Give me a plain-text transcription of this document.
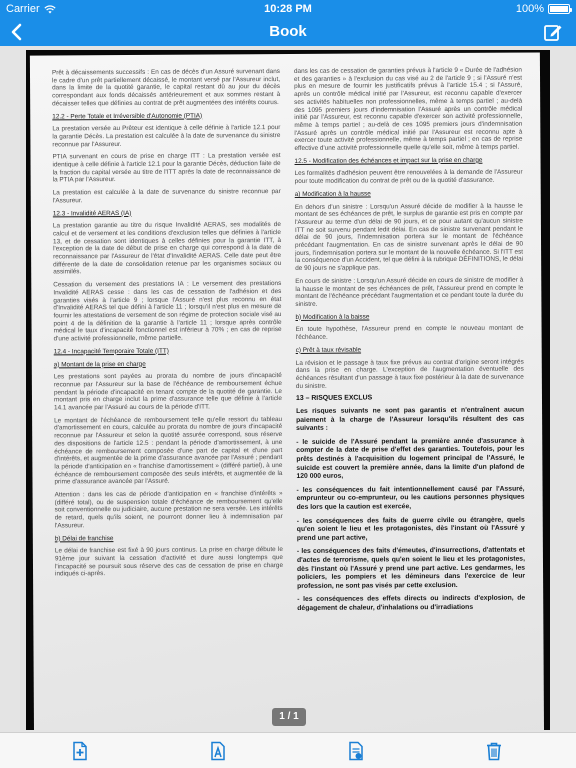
Carrier	10:28 PM	100%
Book

Prêt à décaissements successifs : En cas de décès d'un Assuré survenant dans le cadre d'un prêt partiellement décaissé, le montant versé par l'Assureur inclut, dans la limite de la quotité garantie, le capital restant dû au jour du décès correspondant aux fonds décaissés antérieurement et aux sommes restant à décaisser telles que définies au contrat de prêt augmentées des intérêts courus.

12.2 - Perte Totale et Irréversible d'Autonomie (PTIA)

La prestation versée au Prêteur est identique à celle définie à l'article 12.1 pour la garantie Décès. La prestation est calculée à la date de survenance du sinistre reconnue par l'Assureur.

PTIA survenant en cours de prise en charge ITT : La prestation versée est identique à celle définie à l'article 12.1 pour la garantie Décès, déduction faite de la fraction du capital versée au titre de l'ITT après la date de reconnaissance de la PTIA par l'Assureur.

La prestation est calculée à la date de survenance du sinistre reconnue par l'Assureur.

12.3 - Invalidité AERAS (IA)

La prestation garantie au titre du risque Invalidité AERAS, ses modalités de calcul et de versement et les conditions d'exclusion telles que définies à l'article 13, et de cessation sont identiques à celles définies pour la garantie ITT, à l'exception de la date de début de prise en charge qui correspond à la date de reconnaissance par l'Assureur de l'état d'Invalidité AERAS. Celle date peut être différente de la date de consolidation retenue par les organismes sociaux ou assimilés.

Cessation du versement des prestations IA : Le versement des prestations Invalidité AERAS cesse : dans les cas de cessation de l'adhésion et des garanties visés à l'article 9 ; lorsque l'Assuré n'est plus reconnu en état d'Invalidité AERAS tel que défini à l'article 11 ; lorsqu'il n'est plus en mesure de fournir les attestations de versement de son régime de protection sociale visé au point 4 de la définition de la garantie à l'article 11 ; lorsque après contrôle médical le taux d'incapacité fonctionnel est inférieur à 70% ; en cas de reprise d'une activité professionnelle, même partielle.

12.4 - Incapacité Temporaire Totale (ITT)

a) Montant de la prise en charge

Les prestations sont payées au prorata du nombre de jours d'incapacité reconnue par l'Assureur sur la base de l'échéance de remboursement échue pendant la période d'incapacité en tenant compte de la quotité de garantie. Le montant pris en charge inclut la prime d'assurance telle que définie à l'article 14.1 avancée par l'Assuré au cours de la période d'ITT.

Le montant de l'échéance de remboursement telle qu'elle ressort du tableau d'amortissement en cours, calculée au prorata du nombre de jours d'incapacité reconnue par l'Assureur et selon la quotité assurée correspond, sous réserve des dispositions de l'article 12.5 : pendant la période d'amortissement, à une échéance de remboursement composée d'une part de capital et d'une part d'intérêts, et augmentée de la prime d'assurance avancée par l'Assuré ; pendant la période d'anticipation en « franchise d'amortissement » (différé partiel), à une échéance de remboursement composée des seuls intérêts, et augmentée de la prime d'assurance avancée par l'Assuré.

Attention : dans les cas de période d'anticipation en « franchise d'intérêts » (différé total), ou de suspension totale d'échéance de remboursement qu'elle soit conventionnelle ou judiciaire, aucune prestation ne sera versée. Les intérêts de retard, quels qu'ils soient, ne pourront donner lieu à indemnisation par l'Assureur.

b) Délai de franchise

Le délai de franchise est fixé à 90 jours continus. La prise en charge débute le 91ème jour suivant la cessation d'activité et dure aussi longtemps que l'incapacité se poursuit sous réserve des cas de cessation de prise en charge indiqués ci-après.

dans les cas de cessation de garanties prévus à l'article 9 « Durée de l'adhésion et des garanties » à l'exclusion du cas visé au 2 de l'article 9 ; si l'Assuré n'est plus en mesure de fournir les justificatifs prévus à l'article 15.4 ; si l'Assuré, après un contrôle médical initié par l'Assureur, est reconnu capable d'exercer ses activités habituelles non professionnelles, même à temps partiel ; au-delà des 1095 premiers jours d'indemnisation l'Assuré après un contrôle médical initié par l'Assureur, est reconnu capable d'exercer son activité professionnelle, même à temps partiel ; au-delà de ces 1095 premiers jours d'indemnisation l'Assuré après un contrôle médical initié par l'Assureur est reconnu apte à exercer toute activité professionnelle, même à temps partiel ; en cas de reprise effective d'une activité professionnelle quelle qu'elle soit, même à temps partiel.

12.5 - Modification des échéances et impact sur la prise en charge

Les formalités d'adhésion peuvent être renouvelées à la demande de l'Assureur pour toute modification du contrat de prêt ou de la quotité d'assurance.

a) Modification à la hausse

En dehors d'un sinistre : Lorsqu'un Assuré décide de modifier à la hausse le montant de ses échéances de prêt, le surplus de garantie est pris en compte par l'Assureur au terme d'un délai de 90 jours, et ce pour autant qu'aucun sinistre ITT ne soit survenu pendant ledit délai. En cas de sinistre survenant pendant le délai de 90 jours, l'indemnisation portera sur le montant de l'échéance précédant l'augmentation. En cas de sinistre survenant après le délai de 90 jours, l'indemnisation portera sur le montant de la nouvelle échéance. Si l'ITT est la conséquence d'un Accident, tel que défini à la rubrique DÉFINITIONS, le délai de 90 jours ne s'applique pas.

En cours de sinistre : Lorsqu'un Assuré décide en cours de sinistre de modifier à la hausse le montant de ses échéances de prêt, l'Assureur prend en compte le montant de l'échéance précédant l'augmentation et ce pendant toute la durée du sinistre.

b) Modification à la baisse

En toute hypothèse, l'Assureur prend en compte le nouveau montant de l'échéance.

c) Prêt à taux révisable

La révision et le passage à taux fixe prévus au contrat d'origine seront intégrés dans la prise en charge. L'exception de l'augmentation éventuelle des échéances résultant d'un passage à taux fixe postérieur à la date de survenance du sinistre.

13 – RISQUES EXCLUS

Les risques suivants ne sont pas garantis et n'entraînent aucun paiement à la charge de l'Assureur lorsqu'ils résultent des cas suivants :

- le suicide de l'Assuré pendant la première année d'assurance à compter de la date de prise d'effet des garanties. Toutefois, pour les prêts destinés à l'acquisition du logement principal de l'Assuré, le suicide est couvert la première année, dans la limite d'un plafond de 120 000 euros,

- les conséquences du fait intentionnellement causé par l'Assuré, emprunteur ou co-emprunteur, ou les cautions personnes physiques des lors que la caution est exercée,

- les conséquences des faits de guerre civile ou étrangère, quels qu'en soient le lieu et les protagonistes, dès l'instant où l'Assuré y prend une part active,

- les conséquences des faits d'émeutes, d'insurrections, d'attentats et d'actes de terrorisme, quels qu'en soient le lieu et les protagonistes, dès l'instant où l'Assuré y prend une part active. Les gendarmes, les policiers, les pompiers et les démineurs dans l'exercice de leur profession, ne sont pas visés par cette exclusion.

- les conséquences des effets directs ou indirects d'explosion, de dégagement de chaleur, d'inhalations ou d'irradiations

1 / 1
